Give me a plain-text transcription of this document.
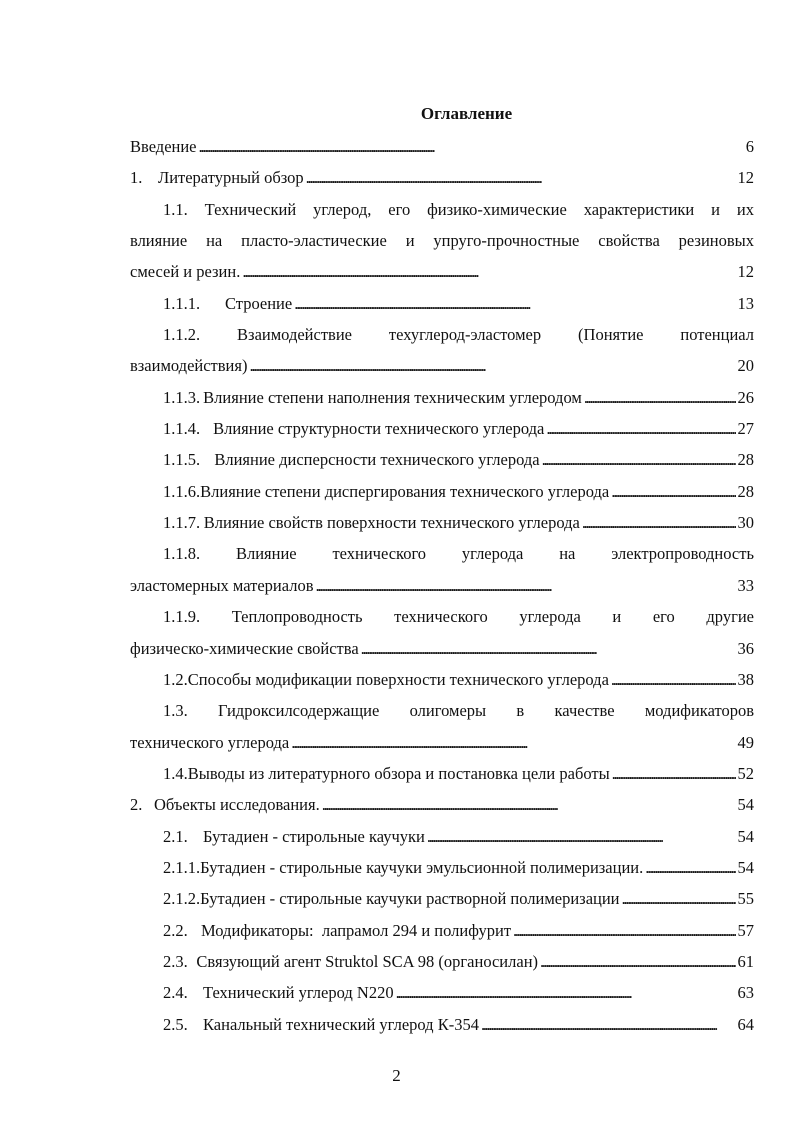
Оглавление
Введение . . .	6
1. Литературный обзор . . .	12
1.1. Технический углерод, его физико-химические характеристики и их
влияние на пласто-эластические и упруго-прочностные свойства резиновых
смесей и резин. . . .	12
1.1.1.	Строение . . .	13
1.1.2. Взаимодействие техуглерод-эластомер (Понятие потенциал
взаимодействия) . . .	20
1.1.3. Влияние степени наполнения техническим углеродом . . .	26
1.1.4. Влияние структурности технического углерода . . .	27
1.1.5. Влияние дисперсности технического углерода . . .	28
1.1.6. Влияние степени диспергирования технического углерода . . .	28
1.1.7. Влияние свойств поверхности технического углерода . . .	30
1.1.8. Влияние технического углерода на электропроводность
эластомерных материалов . . .	33
1.1.9. Теплопроводность технического углерода и его другие
физическо-химические свойства . . .	36
1.2. Способы модификации поверхности технического углерода . . .	38
1.3. Гидроксилсодержащие олигомеры в качестве модификаторов
технического углерода . . .	49
1.4. Выводы из литературного обзора и постановка цели работы . . .	52
2. Объекты исследования. . . .	54
2.1. Бутадиен - стирольные каучуки . . .	54
2.1.1. Бутадиен - стирольные каучуки эмульсионной полимеризации. . . .	54
2.1.2. Бутадиен - стирольные каучуки растворной полимеризации . . .	55
2.2. Модификаторы:  лапрамол 294 и полифурит . . .	57
2.3. Связующий агент Struktol SCA 98 (органосилан) . . .	61
2.4. Технический углерод N220 . . .	63
2.5. Канальный технический углерод К-354 . . .	64
2
